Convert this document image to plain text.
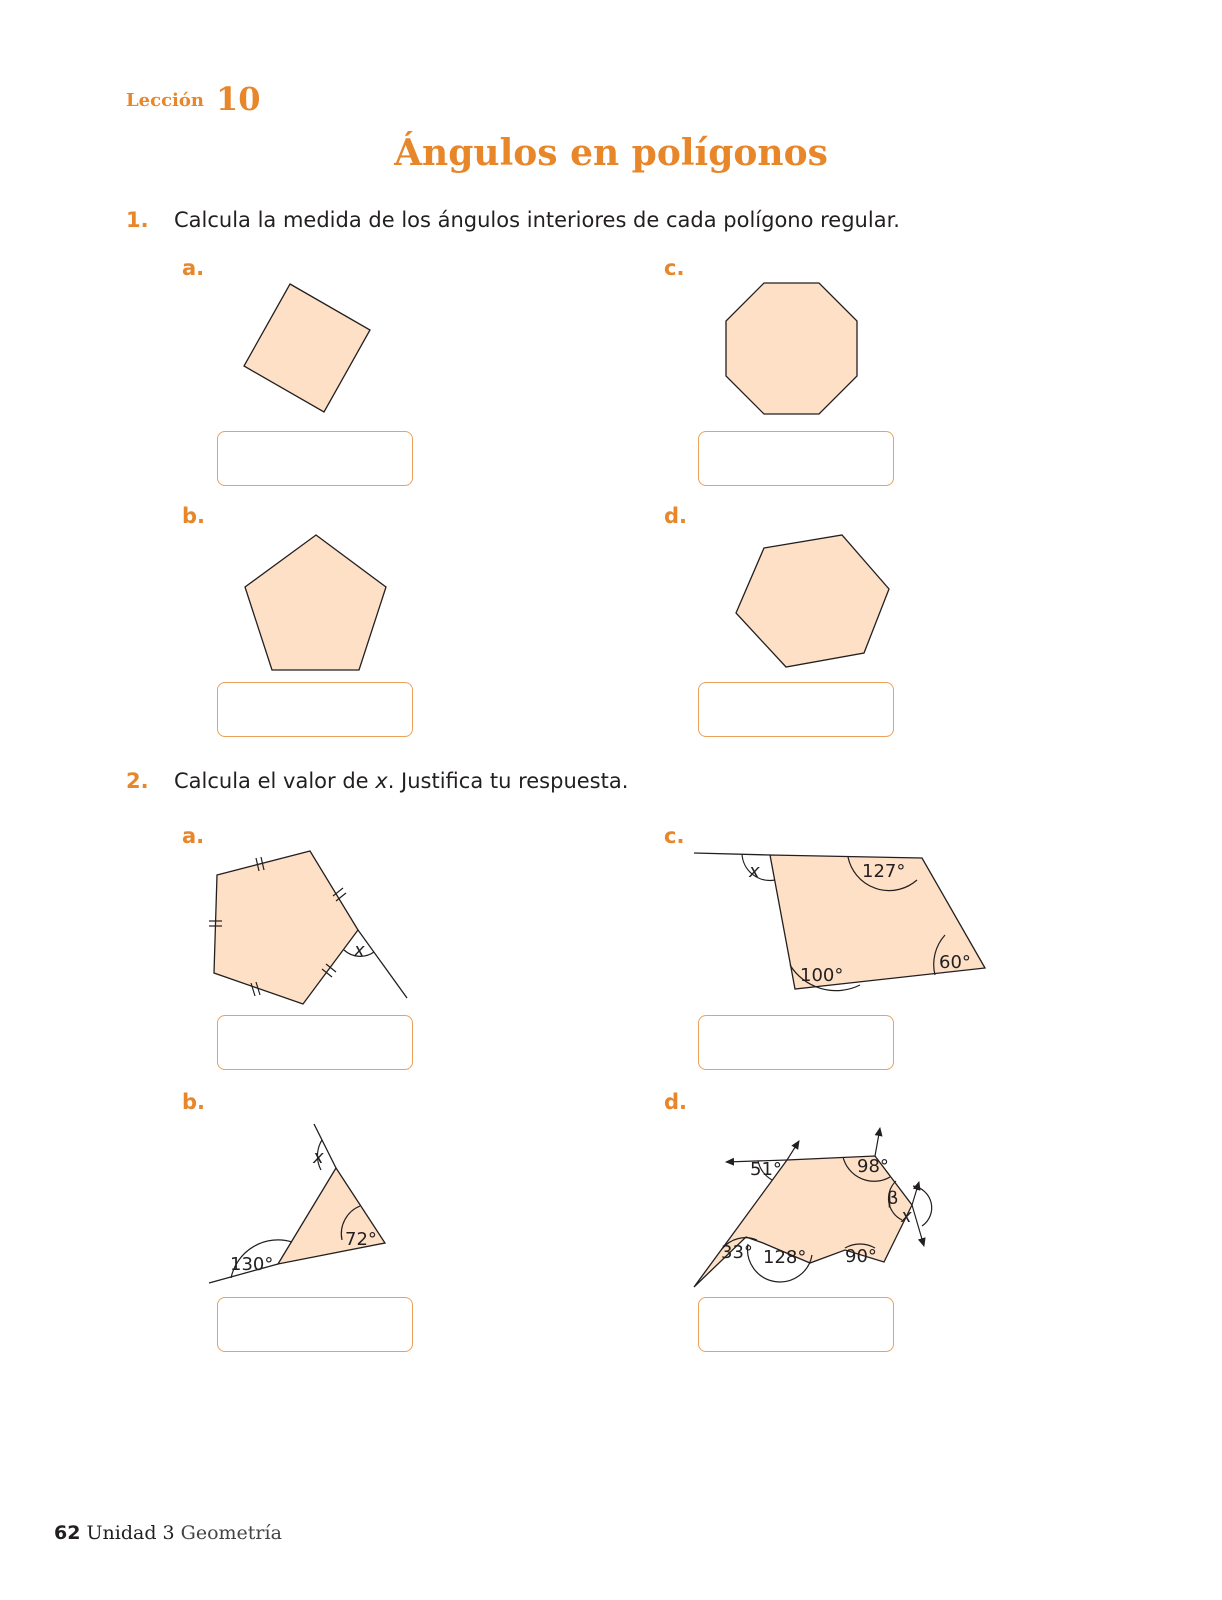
Lección 10
Ángulos en polígonos
1. Calcula la medida de los ángulos interiores de cada polígono regular.
a.
b.
c.
d.
2. Calcula el valor de x. Justifica tu respuesta.
a.
b.
c.
d.
x
x
130°
72°
x	127°
100°
60°
51°	98°
β
x
33° 128° 90°
62 Unidad 3 Geometría
